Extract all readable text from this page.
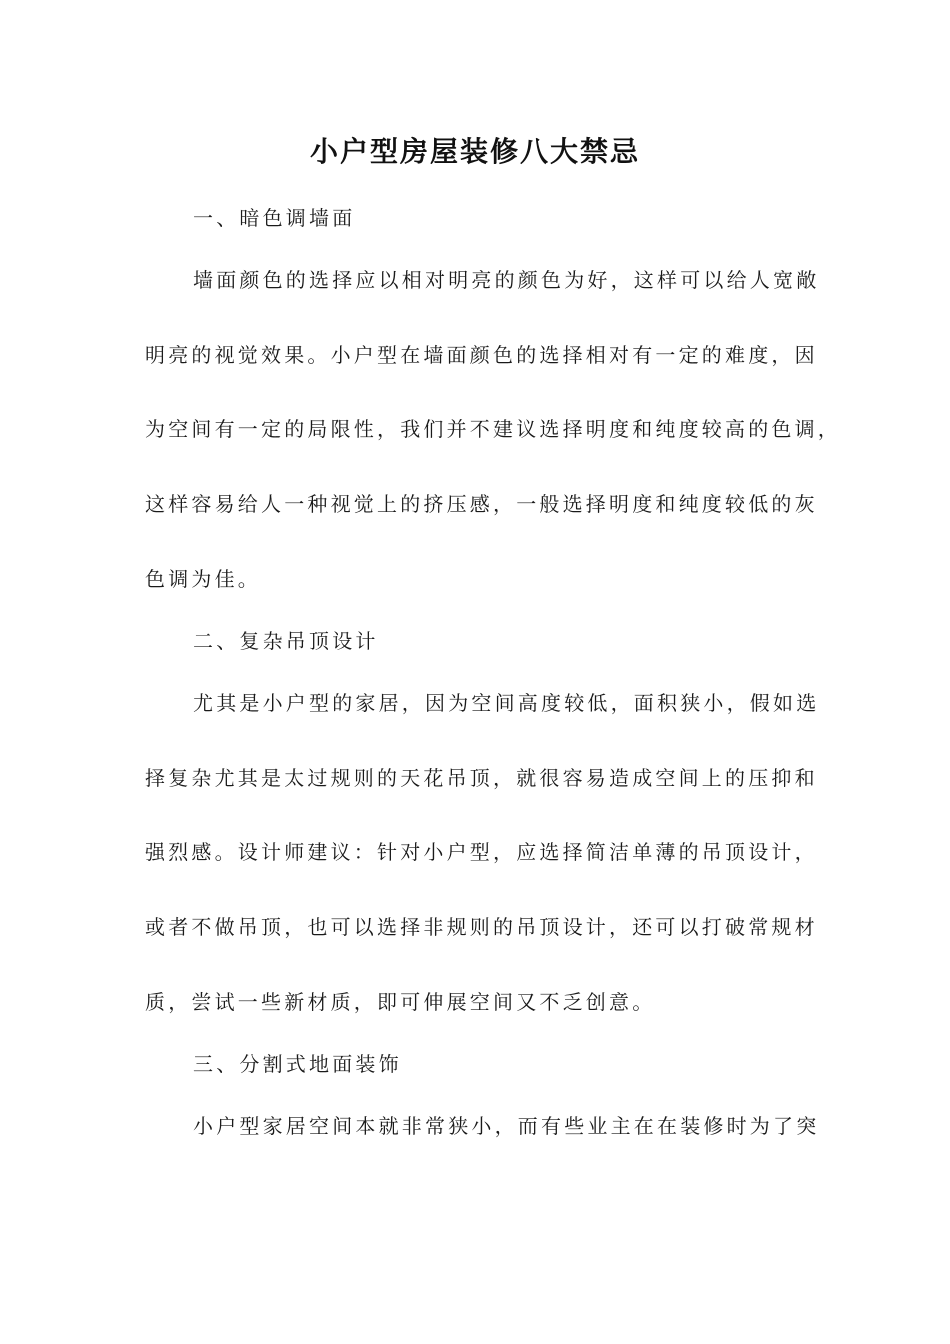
小户型房屋装修八大禁忌

一、暗色调墙面

墙面颜色的选择应以相对明亮的颜色为好，这样可以给人宽敞

明亮的视觉效果。小户型在墙面颜色的选择相对有一定的难度，因

为空间有一定的局限性，我们并不建议选择明度和纯度较高的色调，

这样容易给人一种视觉上的挤压感，一般选择明度和纯度较低的灰

色调为佳。

二、复杂吊顶设计

尤其是小户型的家居，因为空间高度较低，面积狭小，假如选

择复杂尤其是太过规则的天花吊顶，就很容易造成空间上的压抑和

强烈感。设计师建议：针对小户型，应选择简洁单薄的吊顶设计，

或者不做吊顶，也可以选择非规则的吊顶设计，还可以打破常规材

质，尝试一些新材质，即可伸展空间又不乏创意。

三、分割式地面装饰

小户型家居空间本就非常狭小，而有些业主在在装修时为了突
